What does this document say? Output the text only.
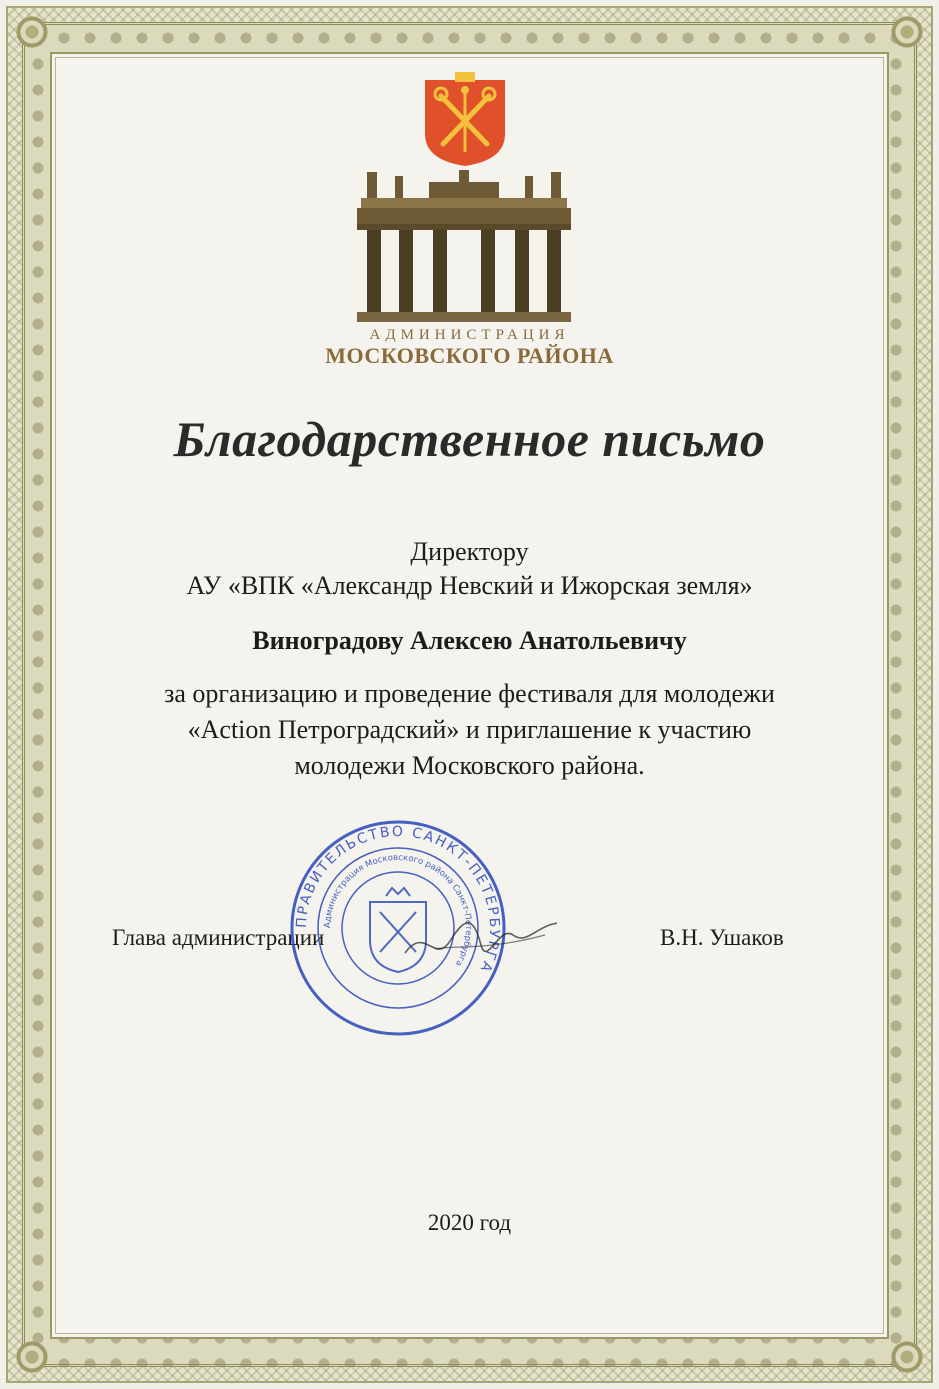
АДМИНИСТРАЦИЯ
МОСКОВСКОГО РАЙОНА
Благодарственное письмо
Директору
АУ «ВПК «Александр Невский и Ижорская земля»
Виноградову Алексею Анатольевичу
за организацию и проведение фестиваля для молодежи
«Action Петроградский» и приглашение к участию
молодежи Московского района.
Глава администрации	В.Н. Ушаков
ПРАВИТЕЛЬСТВО САНКТ-ПЕТЕРБУРГА
Администрация Московского района Санкт-Петербурга
2020 год
